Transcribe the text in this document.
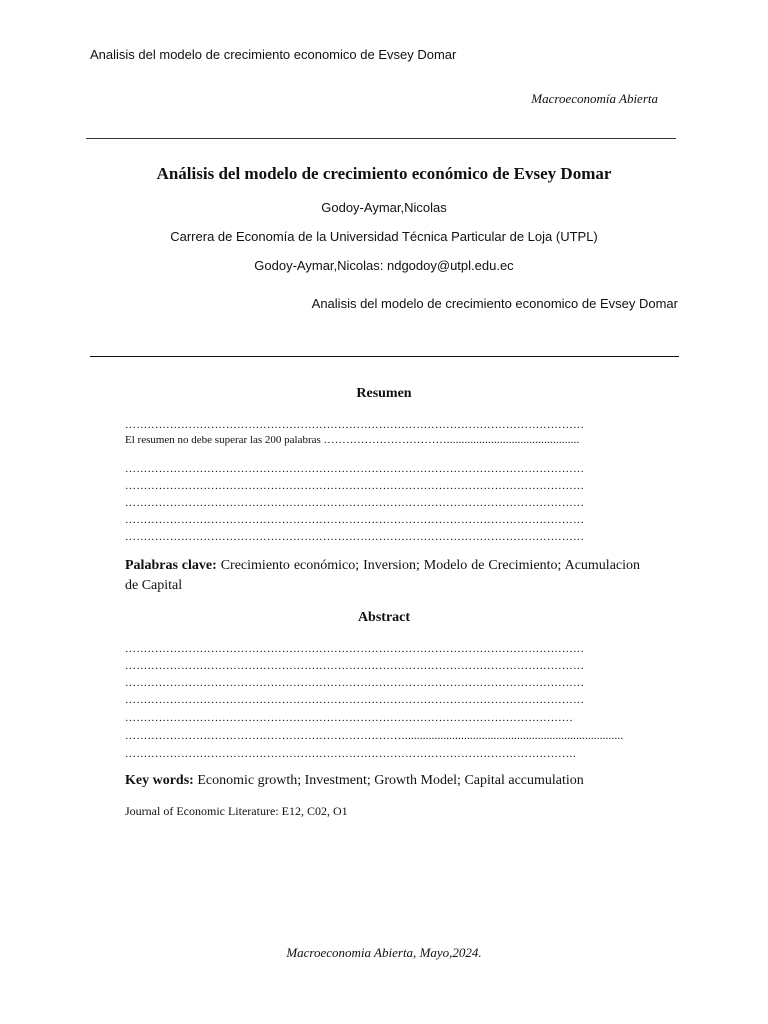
Analisis del modelo de crecimiento economico de Evsey Domar
Macroeconomía Abierta
Análisis del modelo de crecimiento económico de Evsey Domar
Godoy-Aymar,Nicolas
Carrera de Economía de la Universidad Técnica Particular de Loja (UTPL)
Godoy-Aymar,Nicolas: ndgodoy@utpl.edu.ec
Analisis del modelo de crecimiento economico de Evsey Domar
Resumen
……………………………………………………………………………………………………………
El resumen no debe superar las 200 palabras …………………………….............................................
……………………………………………………………………………………………………………
……………………………………………………………………………………………………………
……………………………………………………………………………………………………………
……………………………………………………………………………………………………………
……………………………………………………………………………………………………………
Palabras clave: Crecimiento económico; Inversion; Modelo de Crecimiento; Acumulacion de Capital
Abstract
……………………………………………………………………………………………………………
……………………………………………………………………………………………………………
……………………………………………………………………………………………………………
……………………………………………………………………………………………………………
…………………………………………………………………………………………………………
…………………………………………………………………..........................................................................
………………………………………………………………………………………………………….
Key words: Economic growth; Investment; Growth Model; Capital accumulation
Journal of Economic Literature: E12, C02, O1
Macroeconomia Abierta, Mayo,2024.
